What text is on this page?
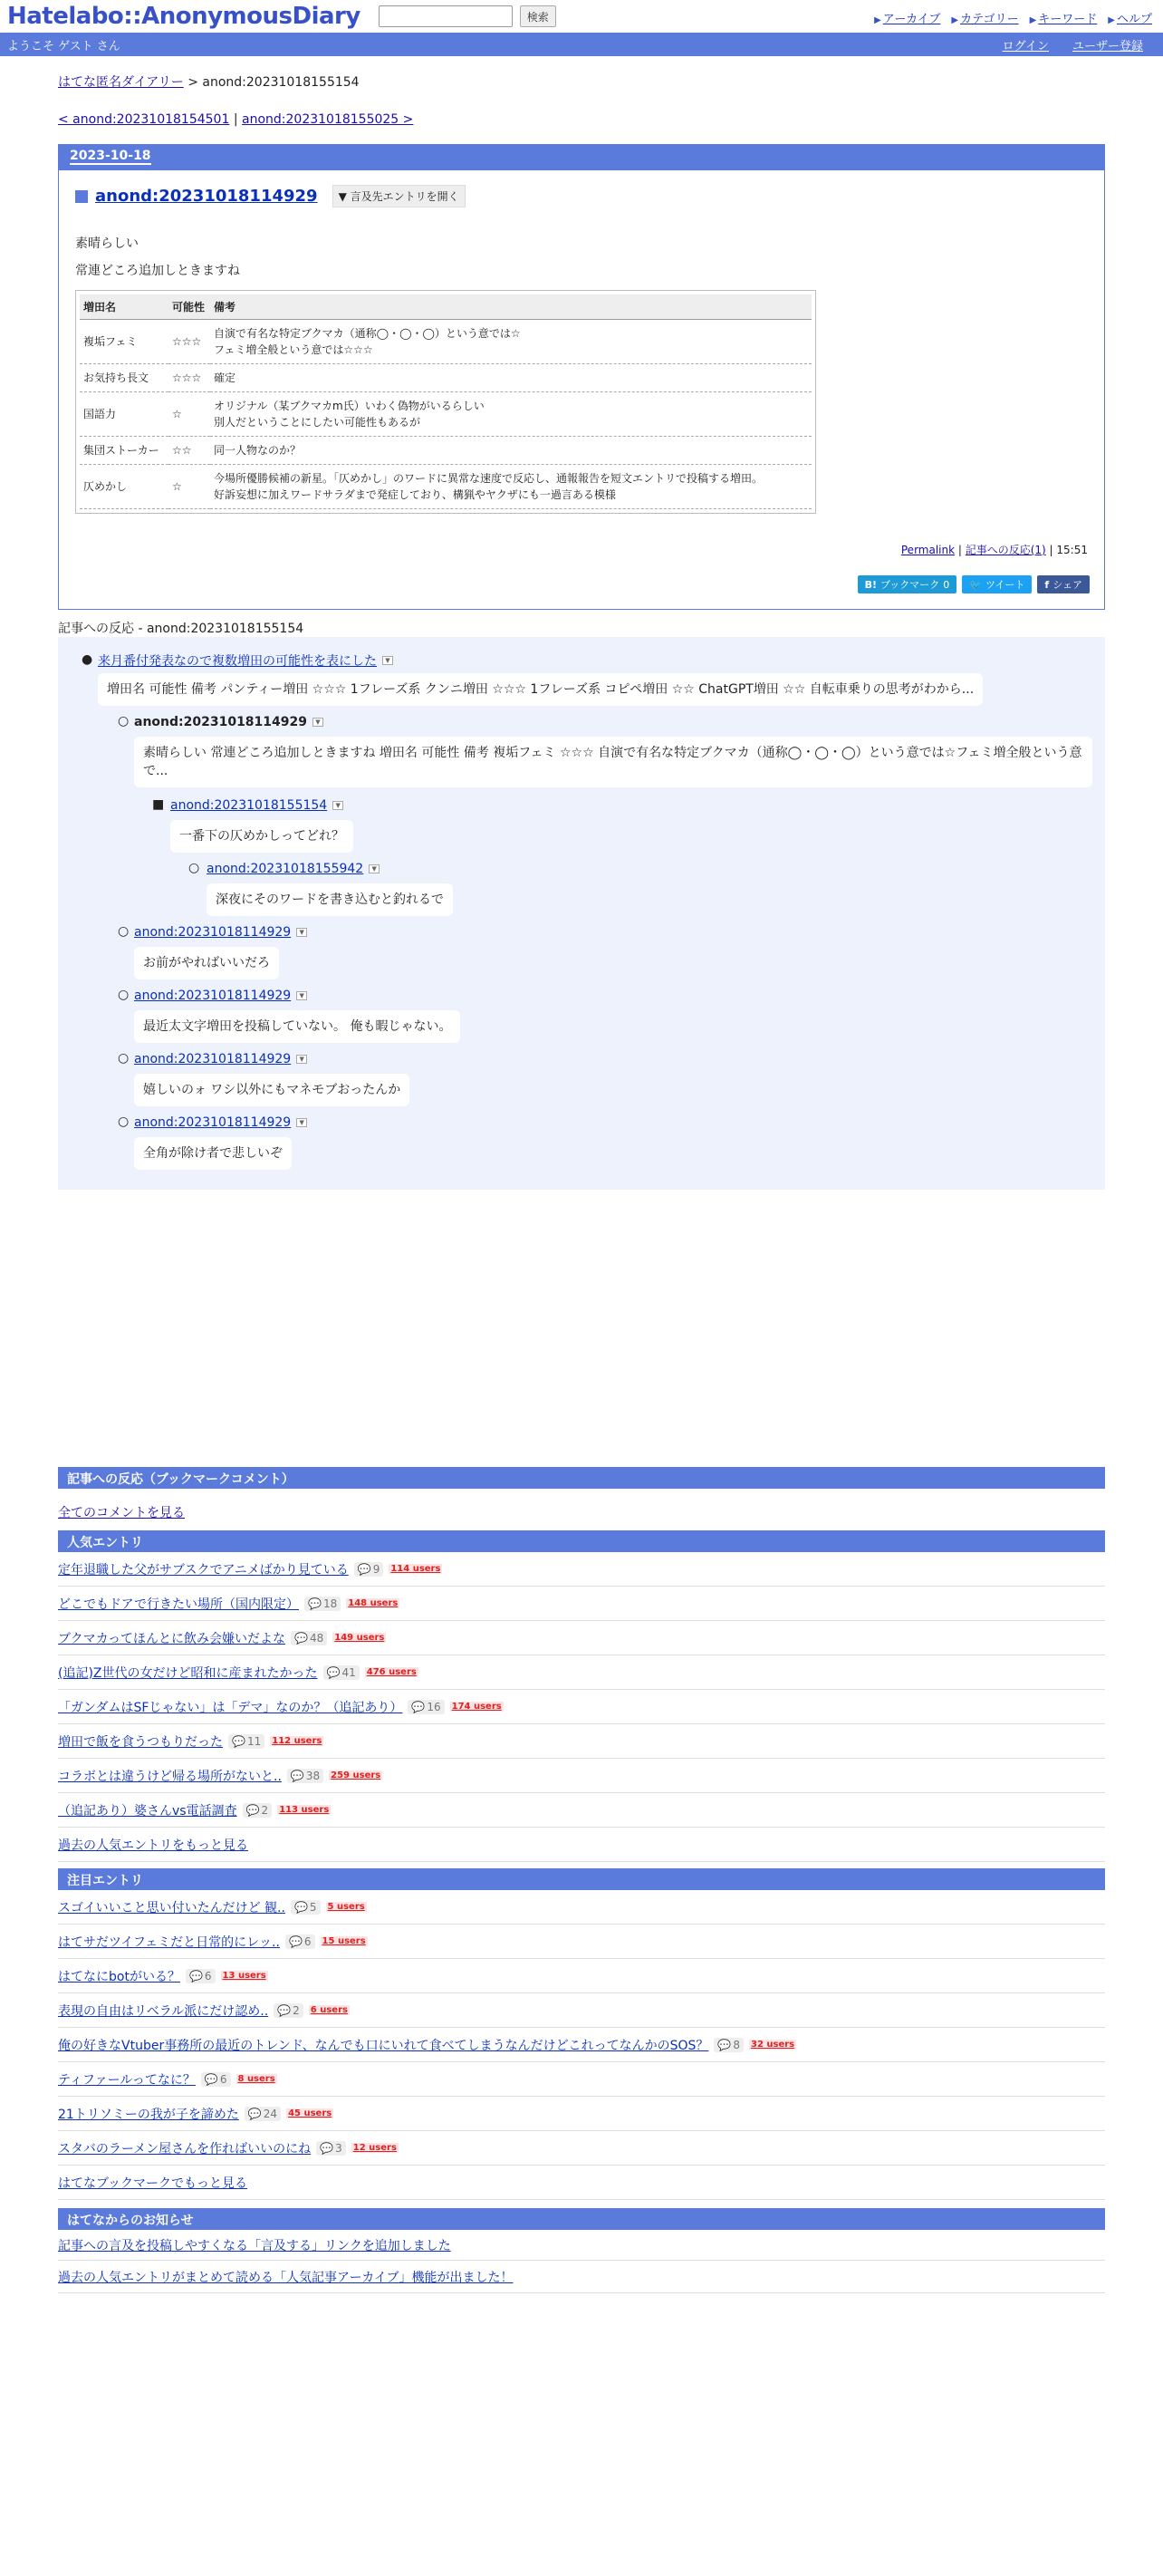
Hatelabo::AnonymousDiary	検索	▶ アーカイブ ▶ カテゴリー ▶ キーワード ▶ ヘルプ
ようこそ ゲスト さん	ログイン ユーザー登録
はてな匿名ダイアリー > anond:20231018155154
< anond:20231018154501 | anond:20231018155025 >
2023-10-18
anond:20231018114929	▼ 言及先エントリを開く
素晴らしい
常連どころ追加しときますね
増田名	可能性	備考
複垢フェミ	☆☆☆	自演で有名な特定ブクマカ（通称◯・◯・◯）という意では☆
フェミ増全般という意では☆☆☆

お気持ち長文	☆☆☆	確定

国語力	☆	オリジナル（某ブクマカm氏）いわく偽物がいるらしい
別人だということにしたい可能性もあるが

集団ストーカー	☆☆	同一人物なのか？

仄めかし	☆	今場所優勝候補の新星。「仄めかし」のワードに異常な速度で反応し、通報報告を短文エントリで投稿する増田。
好訴妄想に加えワードサラダまで発症しており、構猟やヤクザにも一過言ある模様
Permalink | 記事への反応(1) | 15:51
B! ブックマーク 0 🐦 ツイート f シェア
記事への反応 - anond:20231018155154
● 来月番付発表なので複数増田の可能性を表にした	▼
増田名 可能性 備考 パンティー増田 ☆☆☆ 1フレーズ系 クンニ増田 ☆☆☆ 1フレーズ系 コピペ増田 ☆☆ ChatGPT増田 ☆☆ 自転車乗りの思考がわから...
○ anond:20231018114929	▼
素晴らしい 常連どころ追加しときますね 増田名 可能性 備考 複垢フェミ ☆☆☆ 自演で有名な特定ブクマカ（通称◯・◯・◯）という意では☆フェミ増全般という意で...
■ anond:20231018155154	▼
一番下の仄めかしってどれ？
○ anond:20231018155942	▼
深夜にそのワードを書き込むと釣れるで
○ anond:20231018114929	▼
お前がやればいいだろ
○ anond:20231018114929	▼
最近太文字増田を投稿していない。 俺も暇じゃない。
○ anond:20231018114929	▼
嬉しいのォ ワシ以外にもマネモブおったんか
○ anond:20231018114929	▼
全角が除け者で悲しいぞ
記事への反応（ブックマークコメント）
全てのコメントを見る
人気エントリ
定年退職した父がサブスクでアニメばかり見ている 💬 9 114 users
どこでもドアで行きたい場所（国内限定） 💬 18 148 users
ブクマカってほんとに飲み会嫌いだよな 💬 48 149 users
(追記)Z世代の女だけど昭和に産まれたかった 💬 41 476 users
「ガンダムはSFじゃない」は「デマ」なのか？（追記あり） 💬 16 174 users
増田で飯を食うつもりだった 💬 11 112 users
コラボとは違うけど帰る場所がないと.. 💬 38 259 users
（追記あり）婆さんvs電話調査 💬 2 113 users
過去の人気エントリをもっと見る
注目エントリ
スゴイいいこと思い付いたんだけど 観.. 💬 5 5 users
はてサだツイフェミだと日常的にレッ.. 💬 6 15 users
はてなにbotがいる？ 💬 6 13 users
表現の自由はリベラル派にだけ認め.. 💬 2 6 users
俺の好きなVtuber事務所の最近のトレンド、なんでも口にいれて食べてしまうなんだけどこれってなんかのSOS？ 💬 8 32 users
ティファールってなに？ 💬 6 8 users
21トリソミーの我が子を諦めた 💬 24 45 users
スタバのラーメン屋さんを作ればいいのにね 💬 3 12 users
はてなブックマークでもっと見る
はてなからのお知らせ
記事への言及を投稿しやすくなる「言及する」リンクを追加しました
過去の人気エントリがまとめて読める「人気記事アーカイブ」機能が出ました！
